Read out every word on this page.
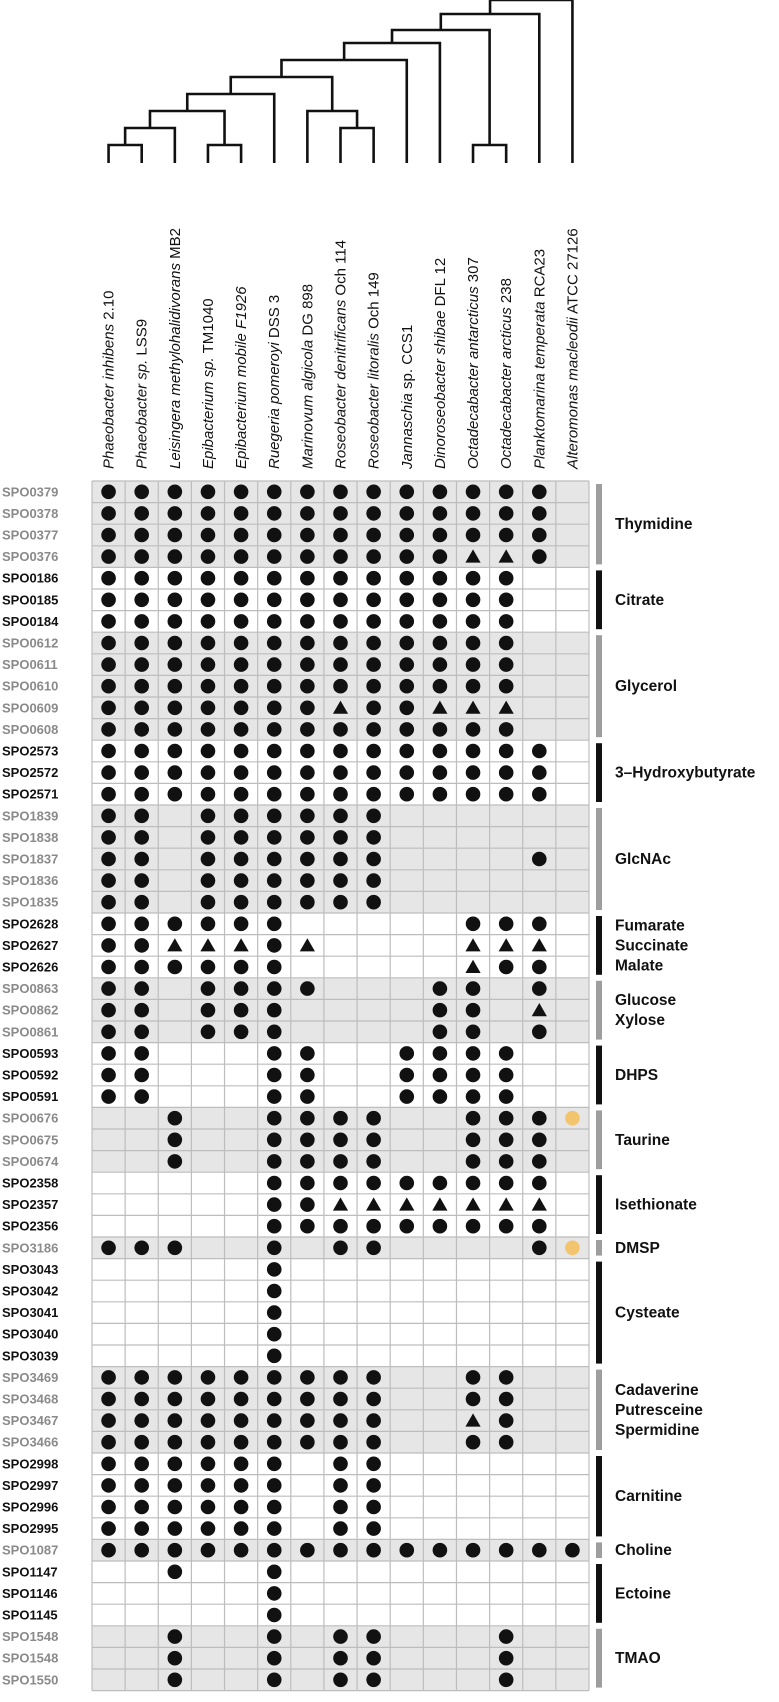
Phaeobacter inhibens 2.10
Phaeobacter sp. LSS9 Leisingera methylohalidivorans MB2
Epibacterium sp. TM1040 Epibacterium mobile F1926 Ruegeria pomeroyi DSS 3
Marinovum algicola DG 898 Roseobacter denitrificans Och 114
Roseobacter litoralis Och 149
Jannaschia sp. CCS1 Dinoroseobacter shibae DFL 12
Octadecabacter antarcticus 307
Octadecabacter arcticus 238
Planktomarina temperata RCA23
Alteromonas macleodii ATCC 27126
SPO0379
SPO0378
SPO0377
SPO0376
SPO0186
SPO0185
SPO0184
SPO0612
SPO0611
SPO0610
SPO0609
SPO0608
SPO2573
SPO2572
SPO2571
SPO1839
SPO1838
SPO1837
SPO1836
SPO1835
SPO2628
SPO2627
SPO2626
SPO0863
SPO0862
SPO0861
SPO0593
SPO0592
SPO0591
SPO0676
SPO0675
SPO0674
SPO2358
SPO2357
SPO2356
SPO3186
SPO3043
SPO3042
SPO3041
SPO3040
SPO3039
SPO3469
SPO3468
SPO3467
SPO3466
SPO2998
SPO2997
SPO2996
SPO2995
SPO1087
SPO1147
SPO1146
SPO1145
SPO1548
SPO1548
SPO1550
Thymidine
Citrate
Glycerol
3–Hydroxybutyrate
GlcNAc
Fumarate
Succinate
Malate
Glucose
Xylose
DHPS
Taurine
Isethionate
DMSP
Cysteate
Cadaverine
Putresceine
Spermidine
Carnitine
Choline
Ectoine
TMAO
